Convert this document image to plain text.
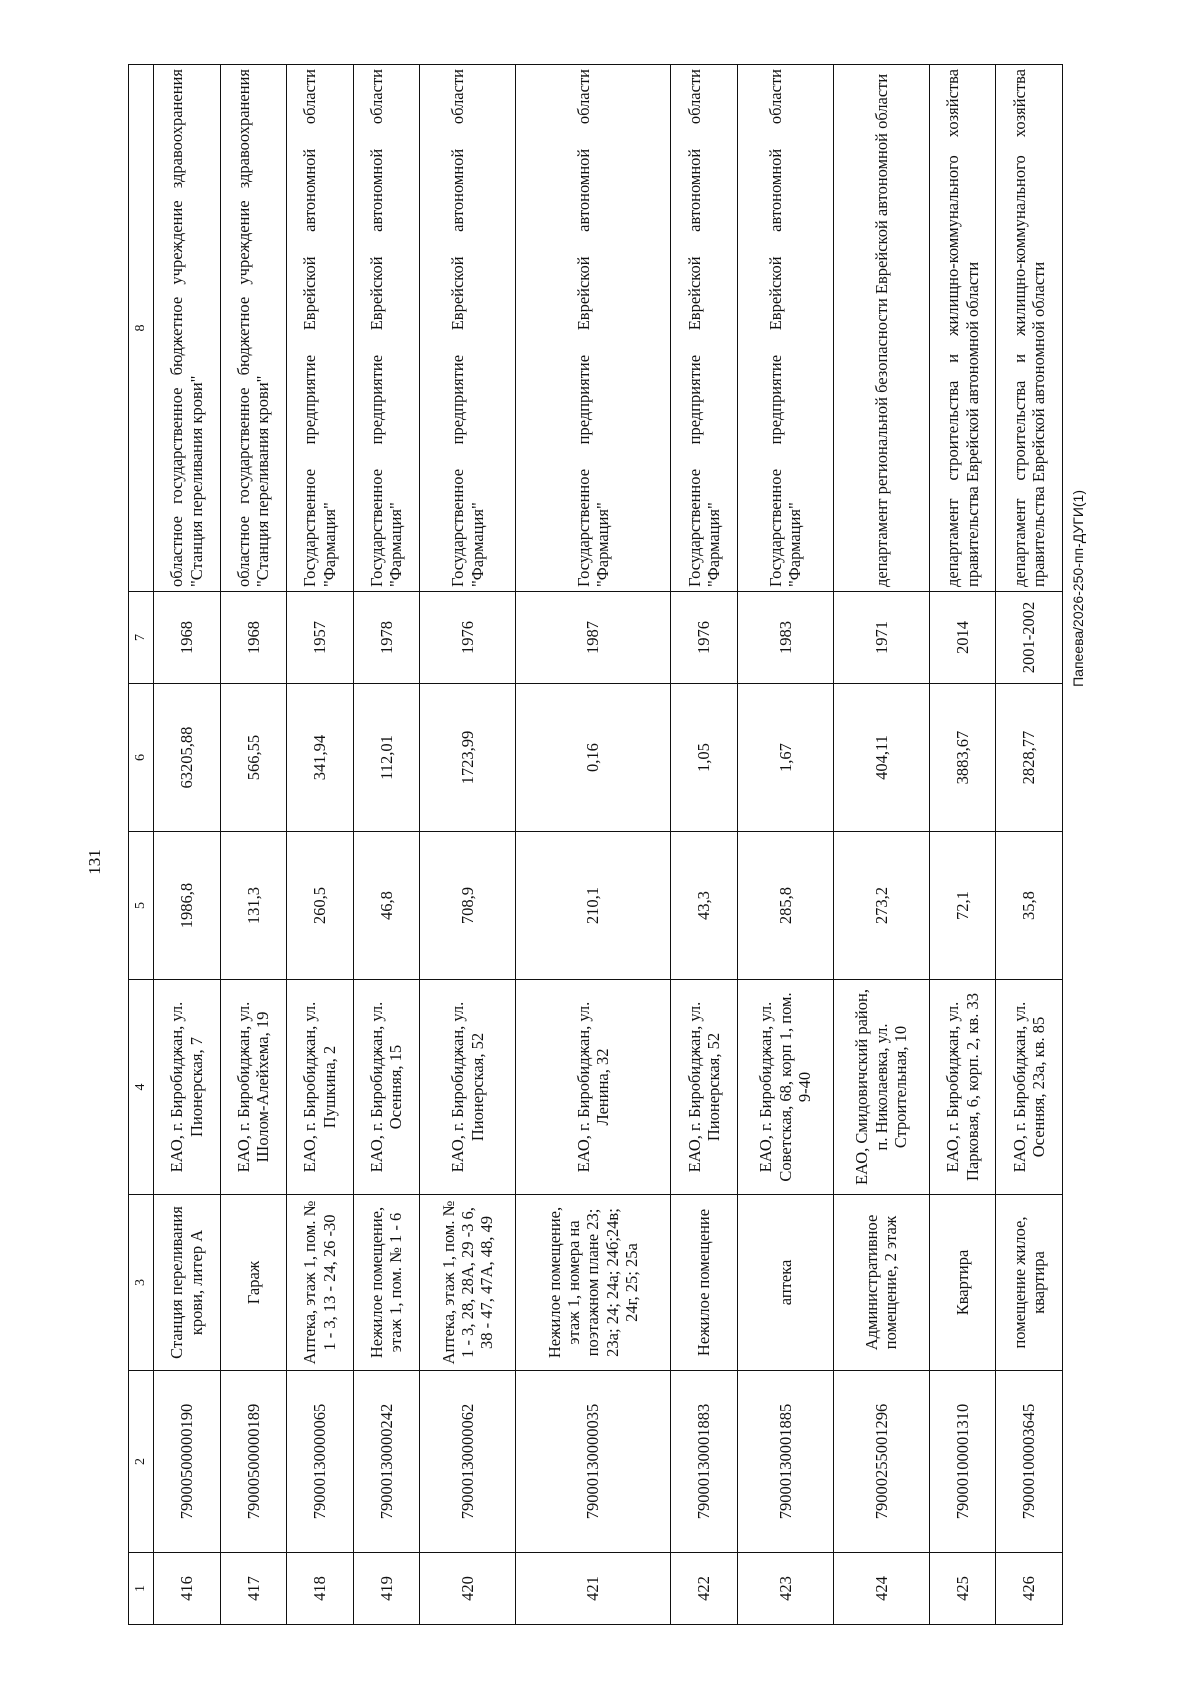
131
1	2	3	4	5	6	7	8
416	79000500000190	Станция переливания крови, литер А	ЕАО, г. Биробиджан, ул. Пионерская, 7	1986,8	63205,88	1968	областное государственное бюджетное учреждение здравоохранения "Станция переливания крови"
417	79000500000189	Гараж	ЕАО, г. Биробиджан, ул. Шолом-Алейхема, 19	131,3	566,55	1968	областное государственное бюджетное учреждение здравоохранения "Станция переливания крови"
418	79000130000065	Аптека, этаж 1, пом. № 1 - 3, 13 - 24, 26 -30	ЕАО, г. Биробиджан, ул. Пушкина, 2	260,5	341,94	1957	Государственное предприятие Еврейской автономной области "Фармация"
419	79000130000242	Нежилое помещение, этаж 1, пом. № 1 - 6	ЕАО, г. Биробиджан, ул. Осенняя, 15	46,8	112,01	1978	Государственное предприятие Еврейской автономной области "Фармация"
420	79000130000062	Аптека, этаж 1, пом. № 1 - 3, 28, 28А, 29 -3 6, 38 - 47, 47А, 48, 49	ЕАО, г. Биробиджан, ул. Пионерская, 52	708,9	1723,99	1976	Государственное предприятие Еврейской автономной области "Фармация"
421	79000130000035	Нежилое помещение, этаж 1, номера на поэтажном плане 23; 23а; 24; 24а; 24б;24в; 24г, 25; 25а	ЕАО, г. Биробиджан, ул. Ленина, 32	210,1	0,16	1987	Государственное предприятие Еврейской автономной области "Фармация"
422	79000130001883	Нежилое помещение	ЕАО, г. Биробиджан, ул. Пионерская, 52	43,3	1,05	1976	Государственное предприятие Еврейской автономной области "Фармация"
423	79000130001885	аптека	ЕАО, г. Биробиджан, ул. Советская, 68, корп 1, пом. 9-40	285,8	1,67	1983	Государственное предприятие Еврейской автономной области "Фармация"
424	79000255001296	Административное помещение, 2 этаж	ЕАО, Смидовичский район, п. Николаевка, ул. Строительная, 10	273,2	404,11	1971	департамент региональной безопасности Еврейской автономной области
425	79000100001310	Квартира	ЕАО, г. Биробиджан, ул. Парковая, 6, корп. 2, кв. 33	72,1	3883,67	2014	департамент строительства и жилищно-коммунального хозяйства правительства Еврейской автономной области
426	79000100003645	помещение жилое, квартира	ЕАО, г. Биробиджан, ул. Осенняя, 23а, кв. 85	35,8	2828,77	2001-2002	департамент строительства и жилищно-коммунального хозяйства правительства Еврейской автономной области
Папеева/2026-250-пп-ДУГИ(1)
